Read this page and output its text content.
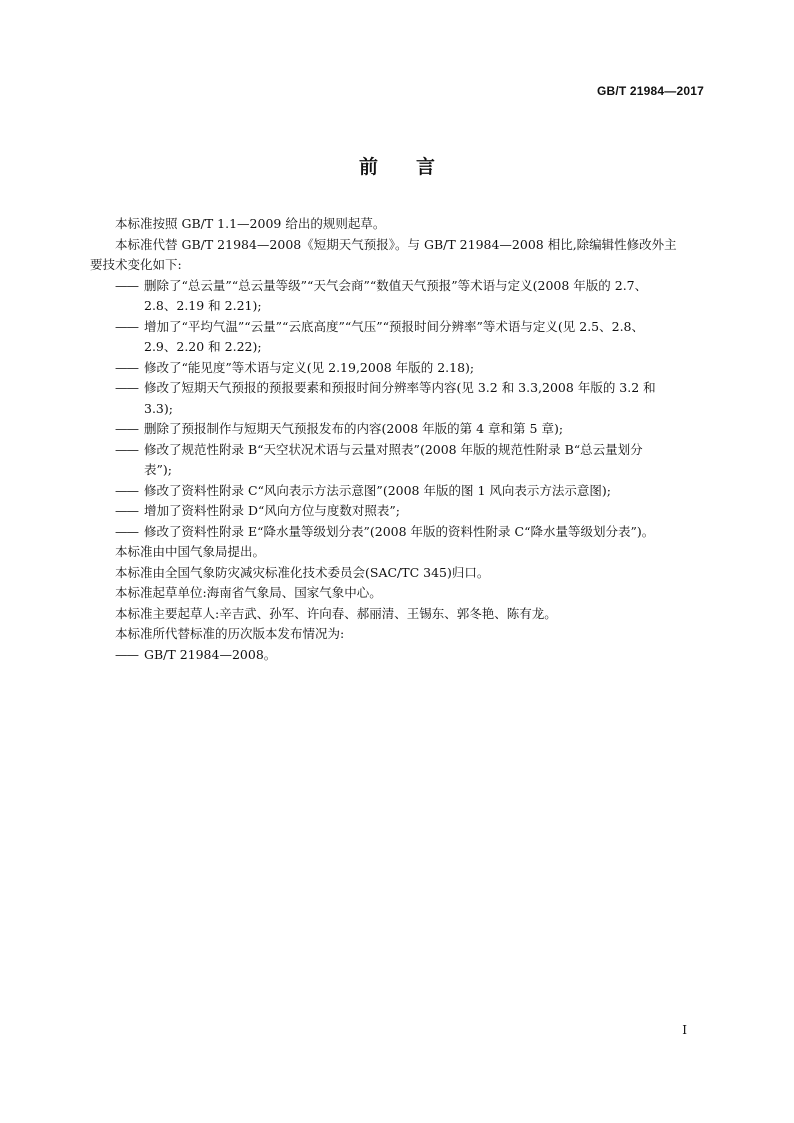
GB/T 21984—2017
前 言

本标准按照 GB/T 1.1—2009 给出的规则起草。

本标准代替 GB/T 21984—2008《短期天气预报》。与 GB/T 21984—2008 相比,除编辑性修改外主
要技术变化如下:

—— 删除了“总云量”“总云量等级”“天气会商”“数值天气预报”等术语与定义(2008 年版的 2.7、
2.8、2.19 和 2.21);

—— 增加了“平均气温”“云量”“云底高度”“气压”“预报时间分辨率”等术语与定义(见 2.5、2.8、
2.9、2.20 和 2.22);

—— 修改了“能见度”等术语与定义(见 2.19,2008 年版的 2.18);

—— 修改了短期天气预报的预报要素和预报时间分辨率等内容(见 3.2 和 3.3,2008 年版的 3.2 和
3.3);

—— 删除了预报制作与短期天气预报发布的内容(2008 年版的第 4 章和第 5 章);

—— 修改了规范性附录 B“天空状况术语与云量对照表”(2008 年版的规范性附录 B“总云量划分
表”);

—— 修改了资料性附录 C“风向表示方法示意图”(2008 年版的图 1 风向表示方法示意图);

—— 增加了资料性附录 D“风向方位与度数对照表”;

—— 修改了资料性附录 E“降水量等级划分表”(2008 年版的资料性附录 C“降水量等级划分表”)。

本标准由中国气象局提出。

本标准由全国气象防灾减灾标准化技术委员会(SAC/TC 345)归口。

本标准起草单位:海南省气象局、国家气象中心。

本标准主要起草人:辛吉武、孙军、许向春、郝丽清、王锡东、郭冬艳、陈有龙。

本标准所代替标准的历次版本发布情况为:

—— GB/T 21984—2008。

I
